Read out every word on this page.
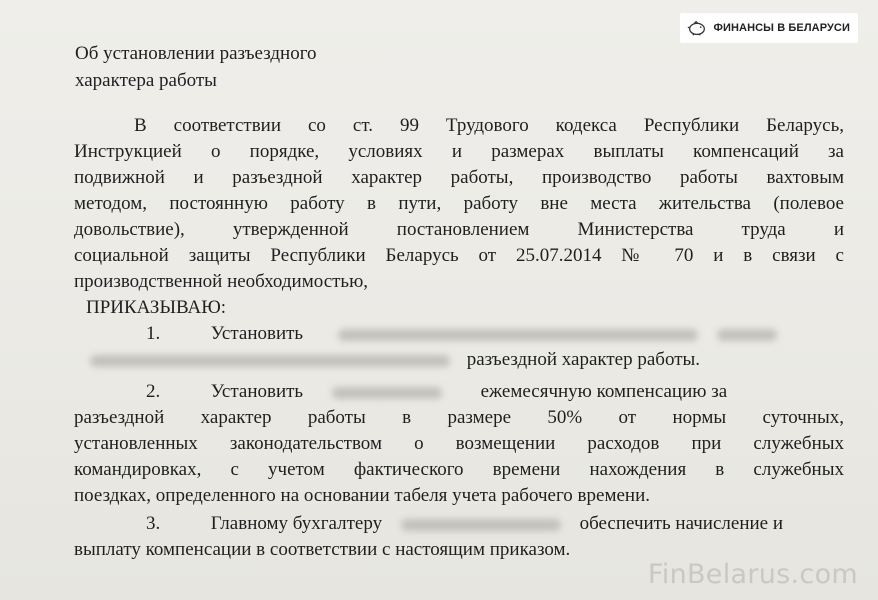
ФИНАНСЫ В БЕЛАРУСИ
Об установлении разъездного
характера работы
В соответствии со ст. 99 Трудового кодекса Республики Беларусь,
Инструкцией о порядке, условиях и размерах выплаты компенсаций за
подвижной и разъездной характер работы, производство работы вахтовым
методом, постоянную работу в пути, работу вне места жительства (полевое
довольствие), утвержденной постановлением Министерства труда и
социальной защиты Республики Беларусь от 25.07.2014 № 70 и в связи с
производственной необходимостью,
ПРИКАЗЫВАЮ:
1.	Установить
разъездной характер работы.
2.	Установить	ежемесячную компенсацию за
разъездной характер работы в размере 50% от нормы суточных,
установленных законодательством о возмещении расходов при служебных
командировках, с учетом фактического времени нахождения в служебных
поездках, определенного на основании табеля учета рабочего времени.
3.	Главному бухгалтеру	обеспечить начисление и
выплату компенсации в соответствии с настоящим приказом.
FinBelarus.com
